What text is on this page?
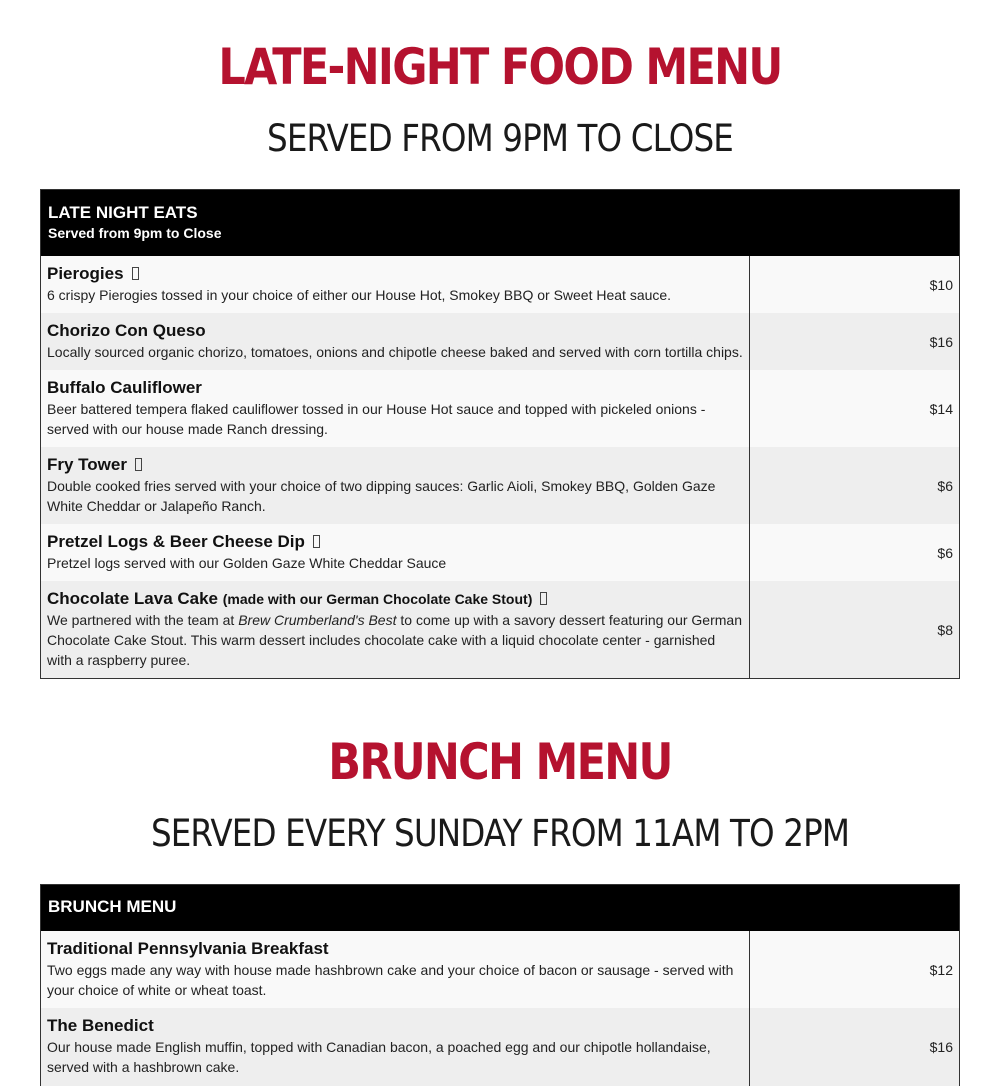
LATE-NIGHT FOOD MENU
SERVED FROM 9PM TO CLOSE
LATE NIGHT EATS
Served from 9pm to Close
Pierogies
6 crispy Pierogies tossed in your choice of either our House Hot, Smokey BBQ or Sweet Heat sauce.
$10
Chorizo Con Queso
Locally sourced organic chorizo, tomatoes, onions and chipotle cheese baked and served with corn tortilla chips.
$16
Buffalo Cauliflower
Beer battered tempera flaked cauliflower tossed in our House Hot sauce and topped with pickeled onions - served with our house made Ranch dressing.
$14
Fry Tower
Double cooked fries served with your choice of two dipping sauces: Garlic Aioli, Smokey BBQ, Golden Gaze White Cheddar or Jalapeño Ranch.
$6
Pretzel Logs & Beer Cheese Dip
Pretzel logs served with our Golden Gaze White Cheddar Sauce
$6
Chocolate Lava Cake (made with our German Chocolate Cake Stout)
We partnered with the team at Brew Crumberland's Best to come up with a savory dessert featuring our German Chocolate Cake Stout. This warm dessert includes chocolate cake with a liquid chocolate center - garnished with a raspberry puree.
$8
BRUNCH MENU
SERVED EVERY SUNDAY FROM 11AM TO 2PM
BRUNCH MENU
Traditional Pennsylvania Breakfast
Two eggs made any way with house made hashbrown cake and your choice of bacon or sausage - served with your choice of white or wheat toast.
$12
The Benedict
Our house made English muffin, topped with Canadian bacon, a poached egg and our chipotle hollandaise, served with a hashbrown cake.
$16
